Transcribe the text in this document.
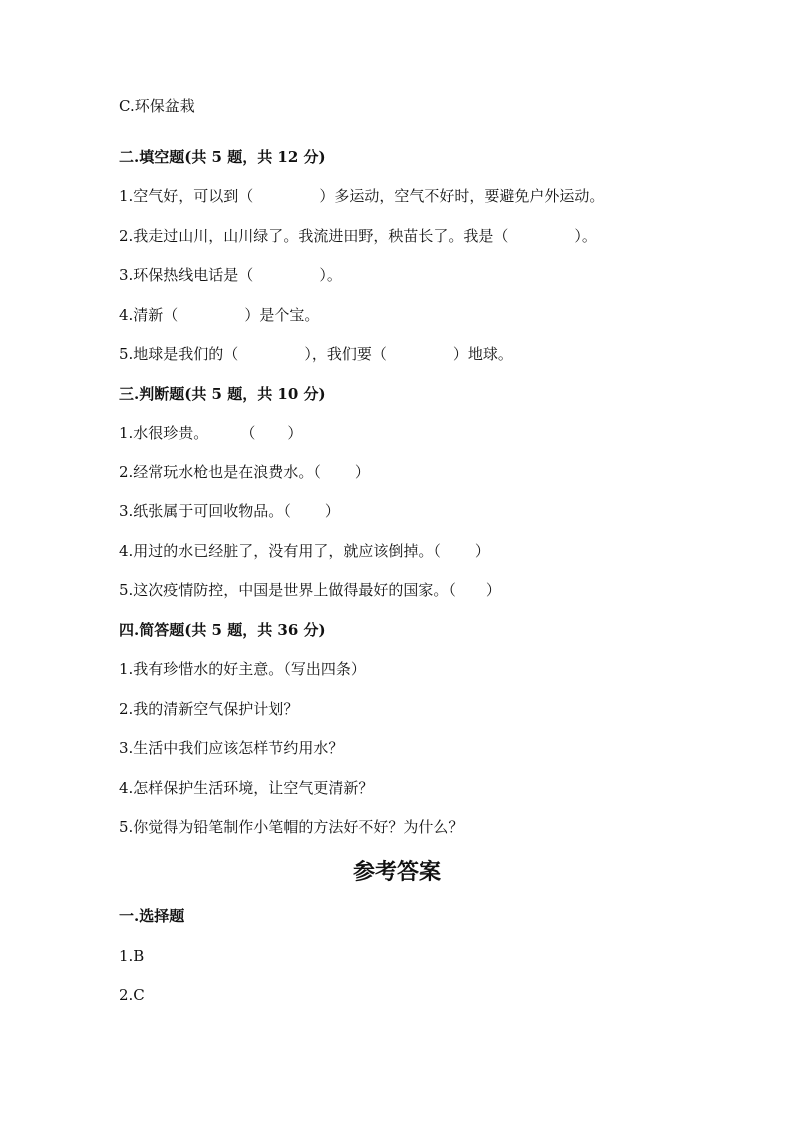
C.环保盆栽
二.填空题(共 5 题，共 12 分)
1.空气好，可以到（	）多运动，空气不好时，要避免户外运动。
2.我走过山川，山川绿了。我流进田野，秧苗长了。我是（	）。
3.环保热线电话是（	）。
4.清新（	）是个宝。
5.地球是我们的（	），我们要（	）地球。
三.判断题(共 5 题，共 10 分)
1.水很珍贵。 （ ）
2.经常玩水枪也是在浪费水。（ ）
3.纸张属于可回收物品。（ ）
4.用过的水已经脏了，没有用了，就应该倒掉。（ ）
5.这次疫情防控，中国是世界上做得最好的国家。（ ）
四.简答题(共 5 题，共 36 分)
1.我有珍惜水的好主意。（写出四条）
2.我的清新空气保护计划？
3.生活中我们应该怎样节约用水？
4.怎样保护生活环境，让空气更清新？
5.你觉得为铅笔制作小笔帽的方法好不好？为什么？
参考答案
一.选择题
1.B
2.C
